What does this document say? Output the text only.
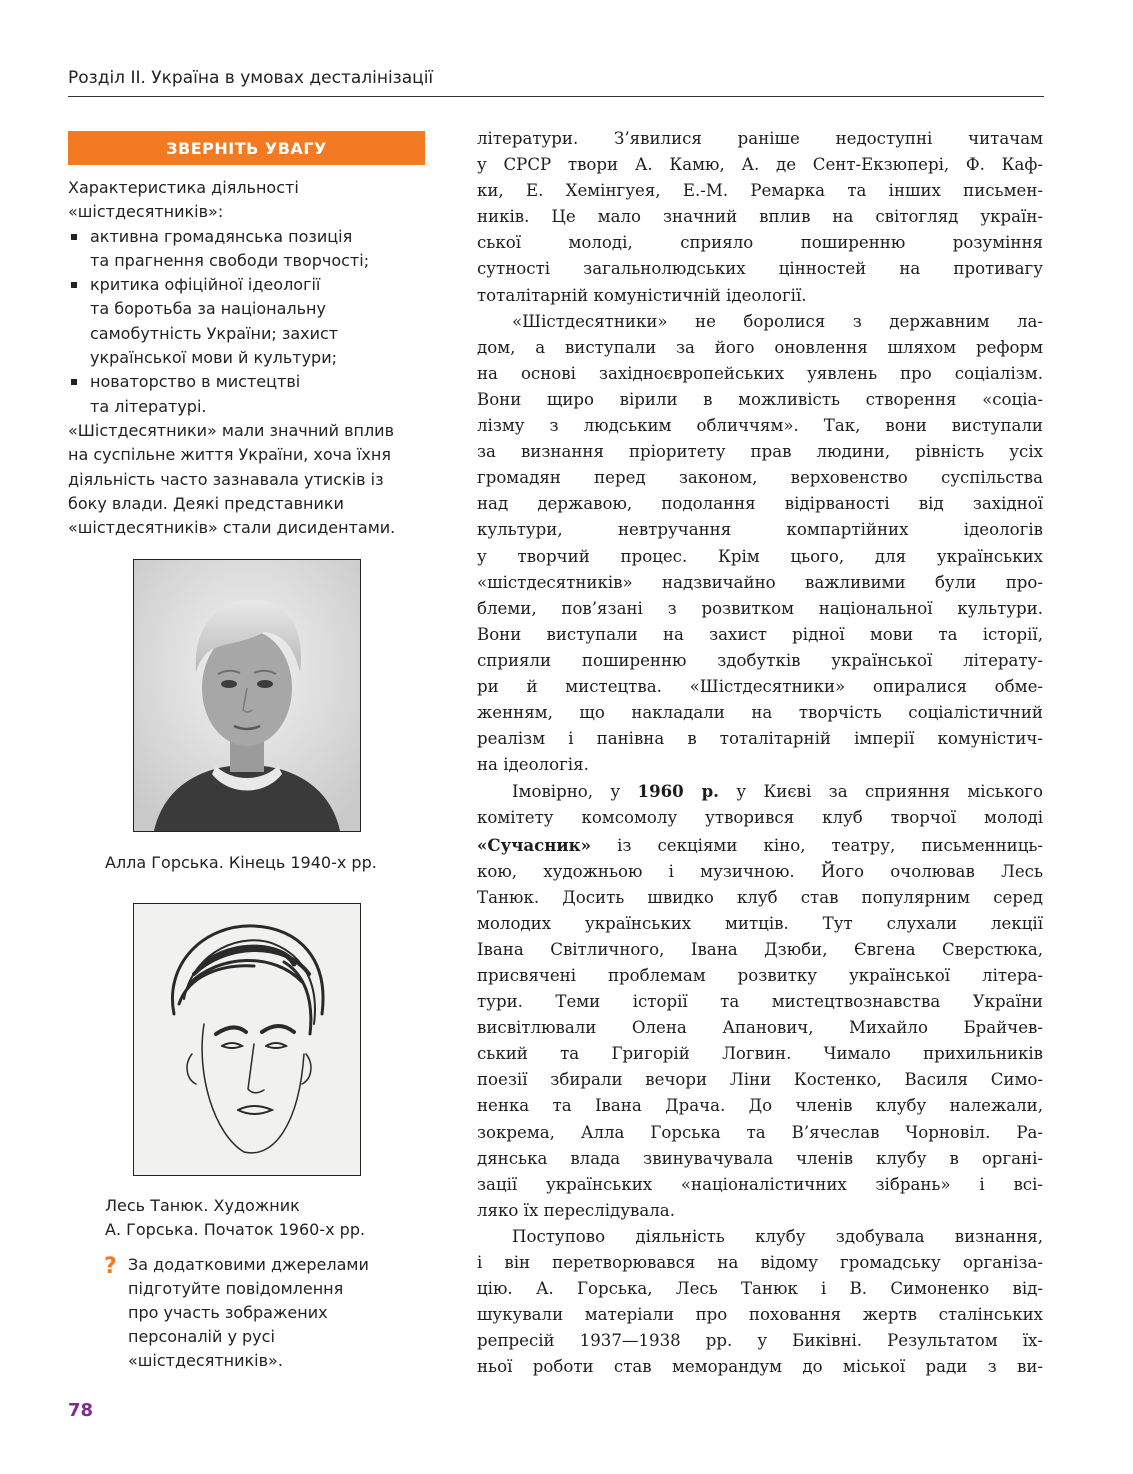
Розділ ІІ. Україна в умовах десталінізації
ЗВЕРНІТЬ УВАГУ

Характеристика діяльності
«шістдесятників»:

активна громадянська позиція
та прагнення свободи творчості;
критика офіційної ідеології
та боротьба за національну
самобутність України; захист
української мови й культури;
новаторство в мистецтві
та літературі.

«Шістдесятники» мали значний вплив
на суспільне життя України, хоча їхня
діяльність часто зазнавала утисків із
боку влади. Деякі представники
«шістдесятників» стали дисидентами.

Алла Горська. Кінець 1940-х рр.
Лесь Танюк. Художник
А. Горська. Початок 1960-х рр.
? За додатковими джерелами
підготуйте повідомлення
про участь зображених
персоналій у русі
«шістдесятників».
78
літератури. З’явилися раніше недоступні читачам
у СРСР твори А. Камю, А. де Сент-Екзюпері, Ф. Каф-
ки, Е. Хемінгуея, Е.-М. Ремарка та інших письмен-
ників. Це мало значний вплив на світогляд україн-
ської молоді, сприяло поширенню розуміння
сутності загальнолюдських цінностей на противагу
тоталітарній комуністичній ідеології.
«Шістдесятники» не боролися з державним ла-
дом, а виступали за його оновлення шляхом реформ
на основі західноєвропейських уявлень про соціалізм.
Вони щиро вірили в можливість створення «соціа-
лізму з людським обличчям». Так, вони виступали
за визнання пріоритету прав людини, рівність усіх
громадян перед законом, верховенство суспільства
над державою, подолання відірваності від західної
культури, невтручання компартійних ідеологів
у творчий процес. Крім цього, для українських
«шістдесятників» надзвичайно важливими були про-
блеми, пов’язані з розвитком національної культури.
Вони виступали на захист рідної мови та історії,
сприяли поширенню здобутків української літерату-
ри й мистецтва. «Шістдесятники» опиралися обме-
женням, що накладали на творчість соціалістичний
реалізм і панівна в тоталітарній імперії комуністич-
на ідеологія.
Імовірно, у 1960 р. у Києві за сприяння міського
комітету комсомолу утворився клуб творчої молоді
«Сучасник» із секціями кіно, театру, письменниць-
кою, художньою і музичною. Його очолював Лесь
Танюк. Досить швидко клуб став популярним серед
молодих українських митців. Тут слухали лекції
Івана Світличного, Івана Дзюби, Євгена Сверстюка,
присвячені проблемам розвитку української літера-
тури. Теми історії та мистецтвознавства України
висвітлювали Олена Апанович, Михайло Брайчев-
ський та Григорій Логвин. Чимало прихильників
поезії збирали вечори Ліни Костенко, Василя Симо-
ненка та Івана Драча. До членів клубу належали,
зокрема, Алла Горська та В’ячеслав Чорновіл. Ра-
дянська влада звинувачувала членів клубу в органі-
зації українських «націоналістичних зібрань» і всі-
ляко їх переслідувала.
Поступово діяльність клубу здобувала визнання,
і він перетворювався на відому громадську організа-
цію. А. Горська, Лесь Танюк і В. Симоненко від-
шукували матеріали про поховання жертв сталінських
репресій 1937—1938 рр. у Биківні. Результатом їх-
ньої роботи став меморандум до міської ради з ви-
